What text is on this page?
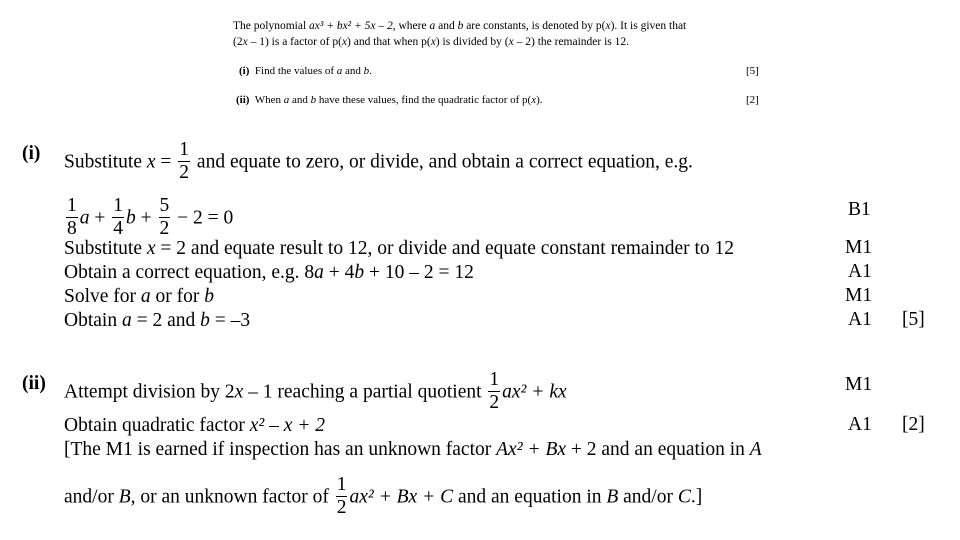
The polynomial ax³ + bx² + 5x – 2, where a and b are constants, is denoted by p(x). It is given that
(2x – 1) is a factor of p(x) and that when p(x) is divided by (x – 2) the remainder is 12.
(i) Find the values of a and b.	[5]
(ii) When a and b have these values, find the quadratic factor of p(x).	[2]
(i) Substitute $x = \frac{1}{2}$ and equate to zero, or divide, and obtain a correct equation, e.g.
$\frac{1}{8}$ $a + \frac{1}{4}$ $b + \frac{5}{2} - 2 = 0$	B1
Substitute x = 2 and equate result to 12, or divide and equate constant remainder to 12	M1
Obtain a correct equation, e.g. 8a + 4b + 10 – 2 = 12	A1
Solve for a or for b	M1
Obtain a = 2 and b = –3	A1 [5]
(ii) Attempt division by 2x – 1 reaching a partial quotient $\frac{1}{2} ax^2$ + kx	M1
Obtain quadratic factor x² – x + 2	A1 [2]
[The M1 is earned if inspection has an unknown factor Ax² + Bx + 2 and an equation in A
and/or B, or an unknown factor of $\frac{1}{2} ax^2 + Bx + C$ and an equation in B and/or C.]
